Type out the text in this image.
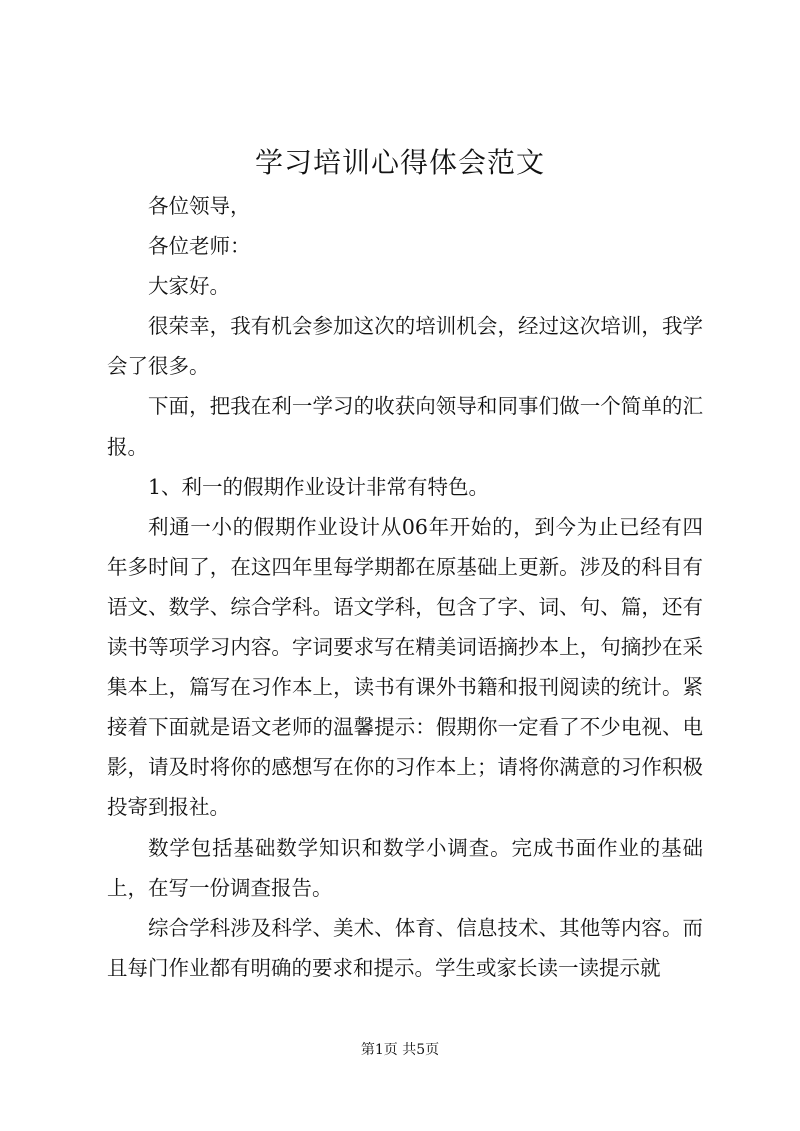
学习培训心得体会范文

各位领导，

各位老师：

大家好。

很荣幸，我有机会参加这次的培训机会，经过这次培训，我学会了很多。

下面，把我在利一学习的收获向领导和同事们做一个简单的汇报。

1、利一的假期作业设计非常有特色。

利通一小的假期作业设计从06年开始的，到今为止已经有四年多时间了，在这四年里每学期都在原基础上更新。涉及的科目有语文、数学、综合学科。语文学科，包含了字、词、句、篇，还有读书等项学习内容。字词要求写在精美词语摘抄本上，句摘抄在采集本上，篇写在习作本上，读书有课外书籍和报刊阅读的统计。紧接着下面就是语文老师的温馨提示：假期你一定看了不少电视、电影，请及时将你的感想写在你的习作本上；请将你满意的习作积极投寄到报社。

数学包括基础数学知识和数学小调查。完成书面作业的基础上，在写一份调查报告。

综合学科涉及科学、美术、体育、信息技术、其他等内容。而且每门作业都有明确的要求和提示。学生或家长读一读提示就

第1页 共5页
